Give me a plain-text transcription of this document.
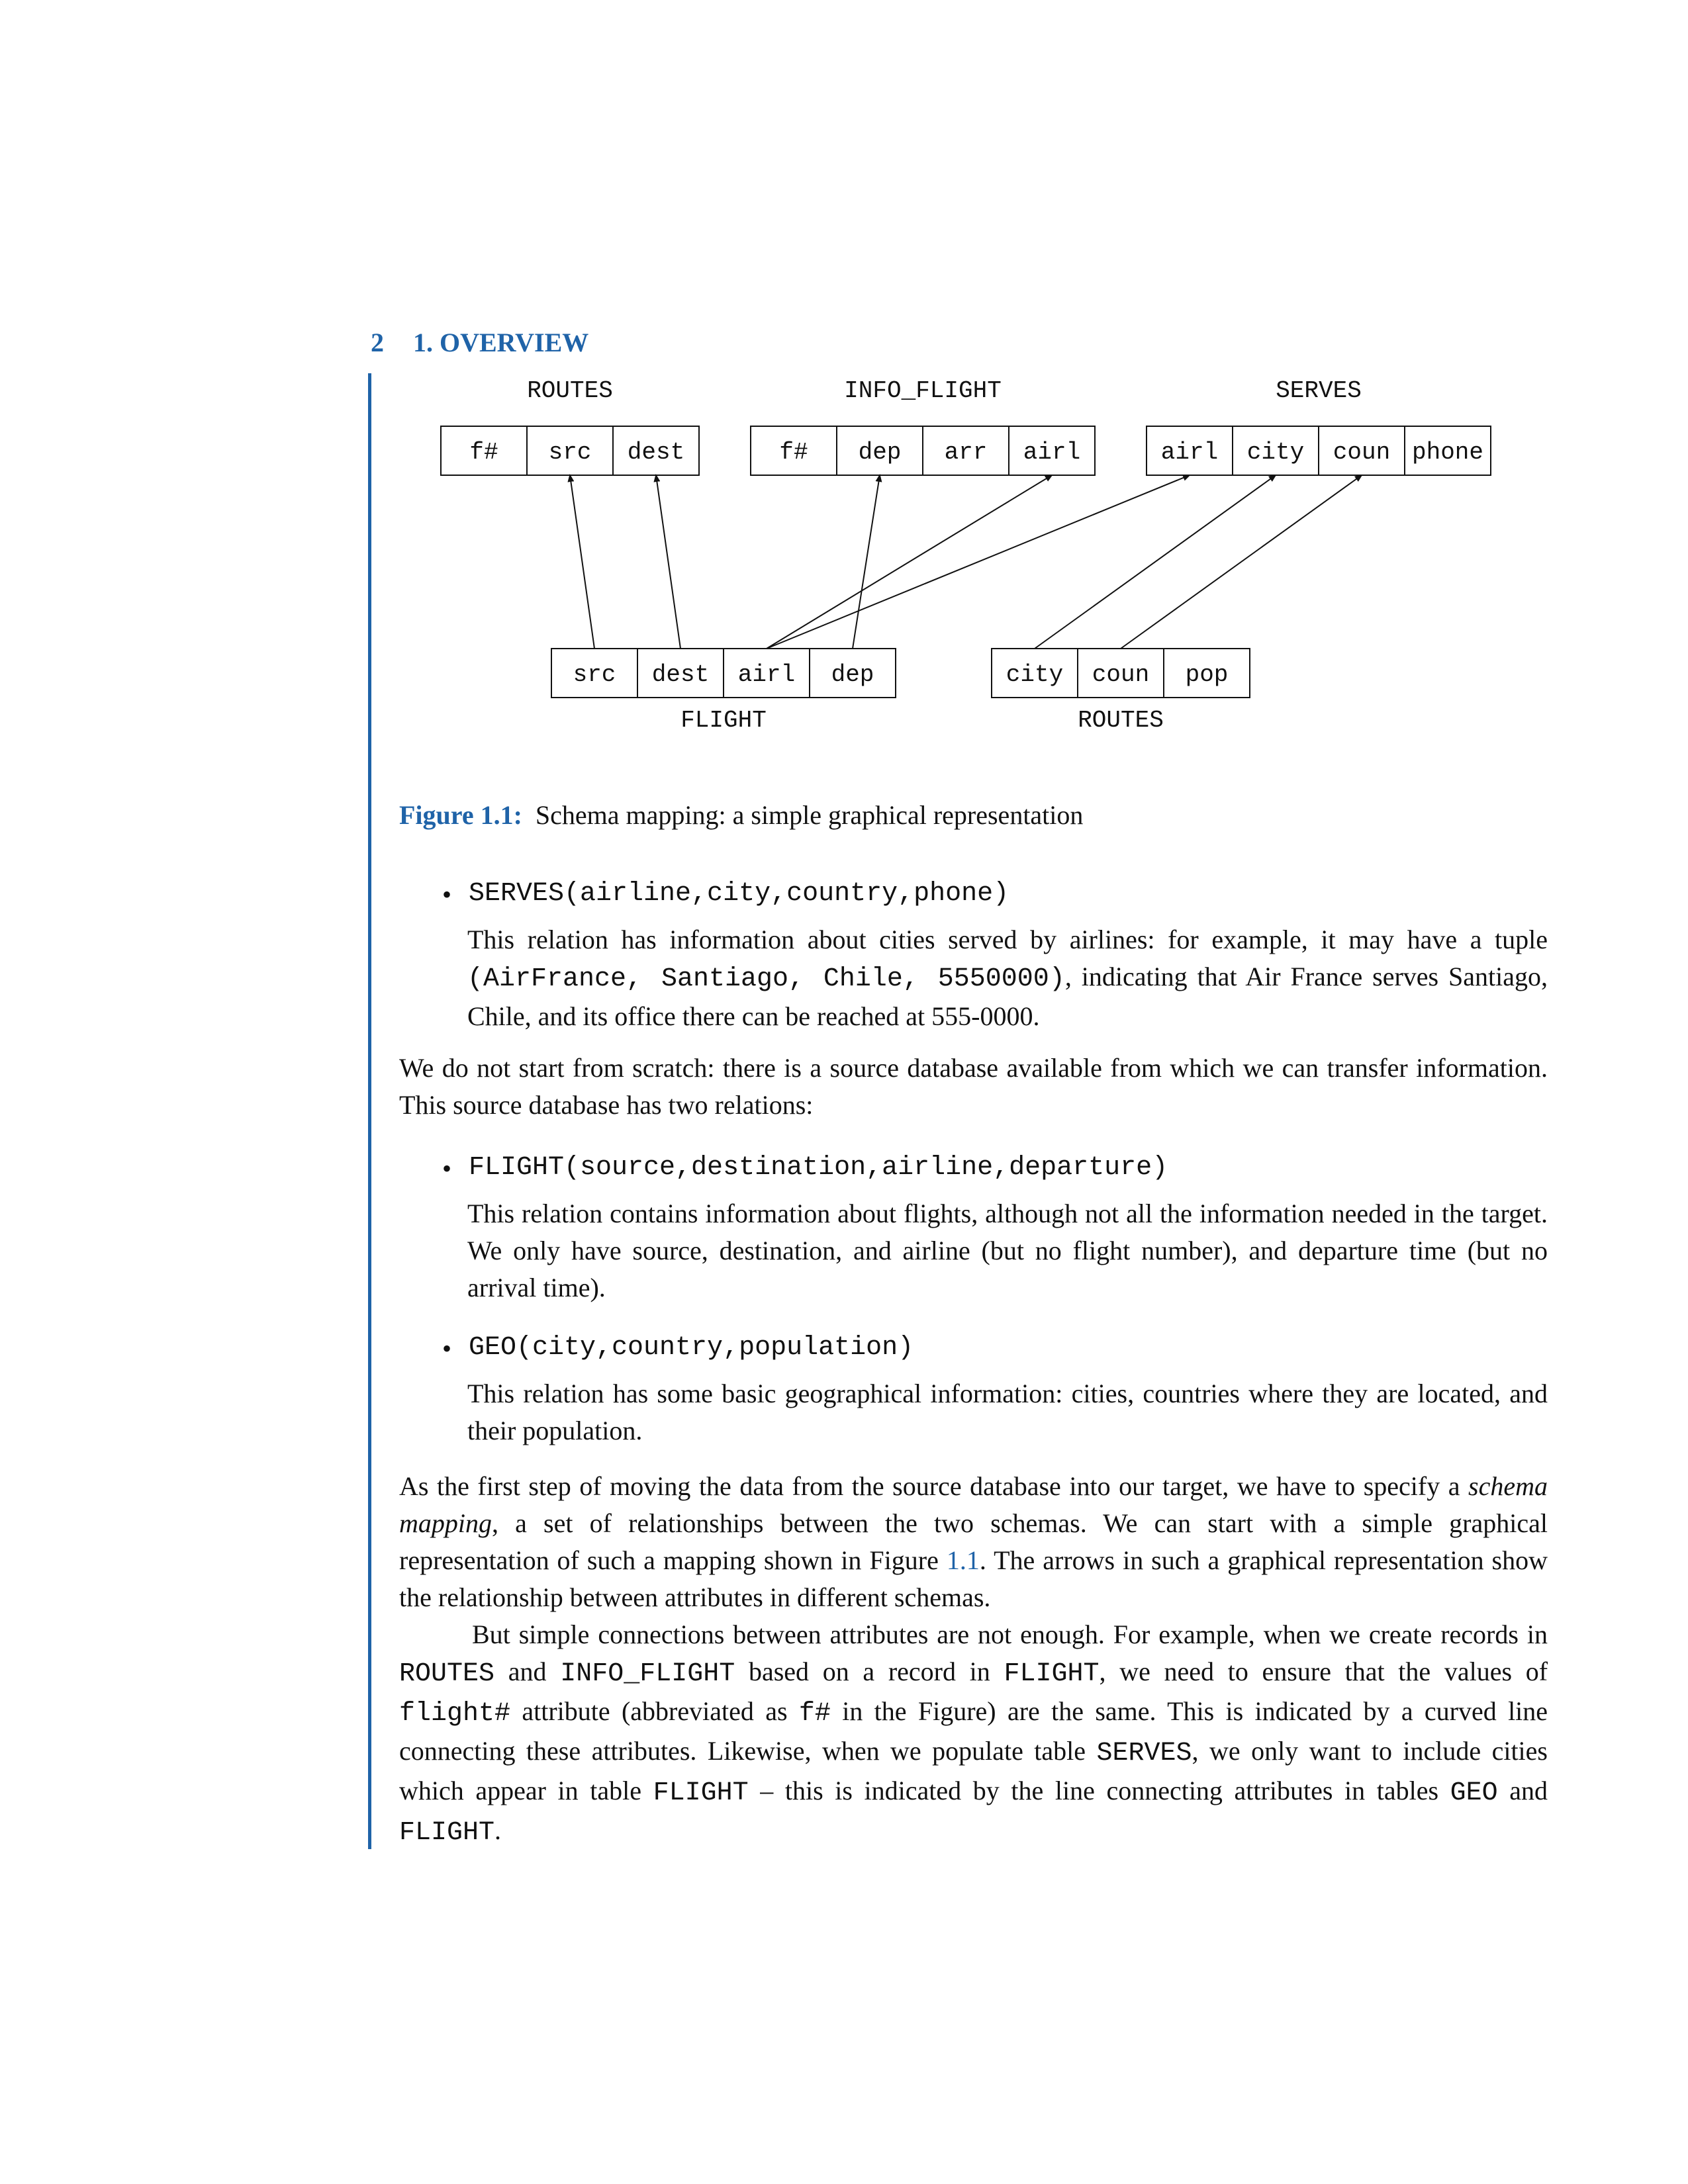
2 1. OVERVIEW
ROUTES
f# src dest
INFO_FLIGHT
f# dep arr airl
SERVES
airl city coun phone
FLIGHT
src dest airl dep
ROUTES
city coun pop
Figure 1.1: Schema mapping: a simple graphical representation
• SERVES(airline,city,country,phone)
This relation has information about cities served by airlines: for example, it may have a tuple (AirFrance, Santiago, Chile, 5550000), indicating that Air France serves Santiago, Chile, and its office there can be reached at 555-0000.
We do not start from scratch: there is a source database available from which we can transfer information. This source database has two relations:
• FLIGHT(source,destination,airline,departure)
This relation contains information about flights, although not all the information needed in the target. We only have source, destination, and airline (but no flight number), and departure time (but no arrival time).
• GEO(city,country,population)
This relation has some basic geographical information: cities, countries where they are located, and their population.
As the first step of moving the data from the source database into our target, we have to specify a schema mapping, a set of relationships between the two schemas. We can start with a simple graphical representation of such a mapping shown in Figure 1.1. The arrows in such a graphical representation show the relationship between attributes in different schemas.
But simple connections between attributes are not enough. For example, when we create records in ROUTES and INFO_FLIGHT based on a record in FLIGHT, we need to ensure that the values of flight# attribute (abbreviated as f# in the Figure) are the same. This is indicated by a curved line connecting these attributes. Likewise, when we populate table SERVES, we only want to include cities which appear in table FLIGHT – this is indicated by the line connecting attributes in tables GEO and FLIGHT.
